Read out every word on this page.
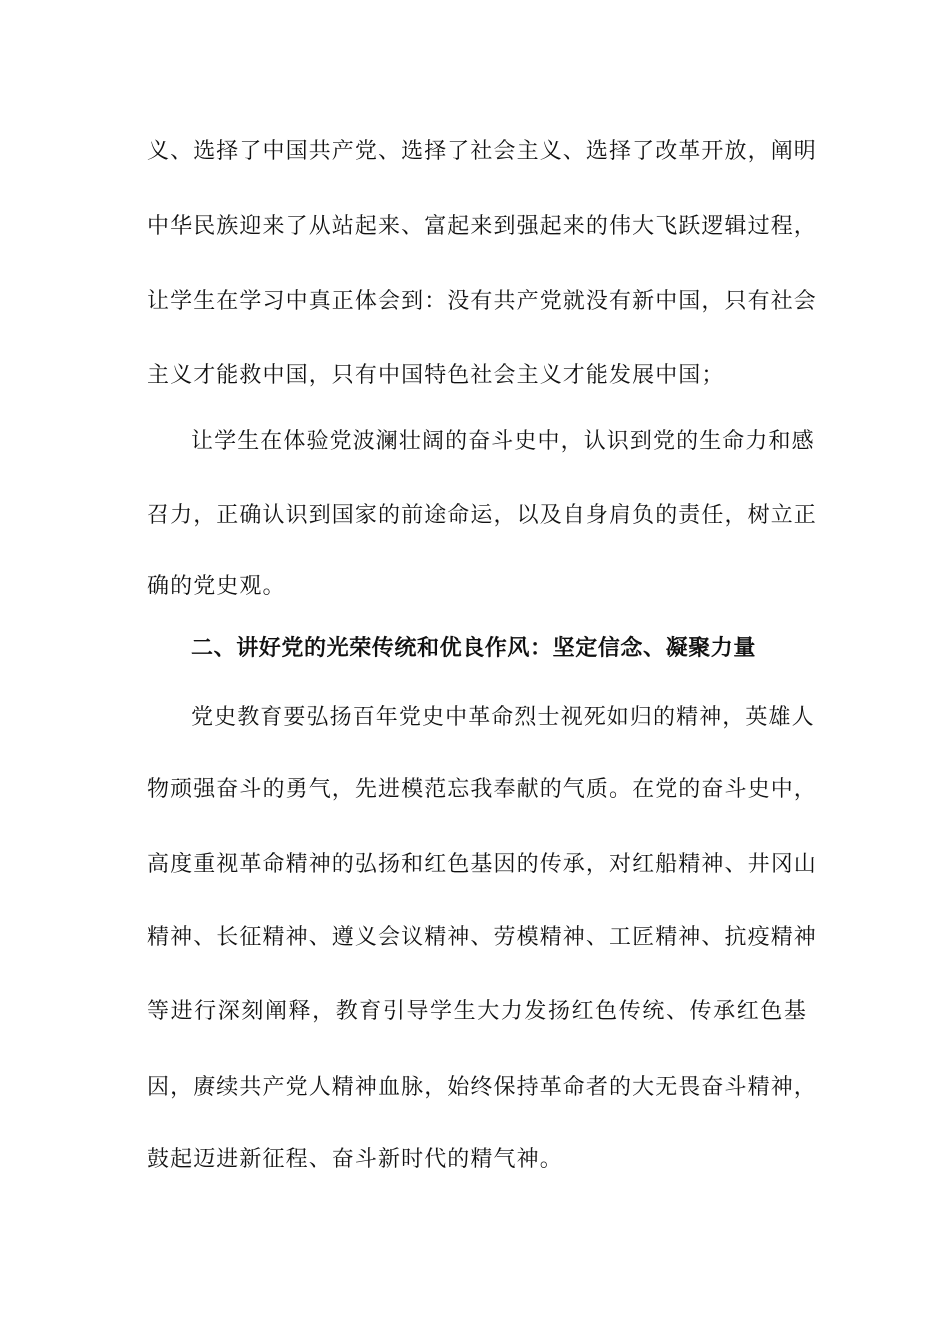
义、选择了中国共产党、选择了社会主义、选择了改革开放，阐明
中华民族迎来了从站起来、富起来到强起来的伟大飞跃逻辑过程，
让学生在学习中真正体会到：没有共产党就没有新中国，只有社会
主义才能救中国，只有中国特色社会主义才能发展中国；
让学生在体验党波澜壮阔的奋斗史中，认识到党的生命力和感
召力，正确认识到国家的前途命运，以及自身肩负的责任，树立正
确的党史观。
二、讲好党的光荣传统和优良作风：坚定信念、凝聚力量
党史教育要弘扬百年党史中革命烈士视死如归的精神，英雄人
物顽强奋斗的勇气，先进模范忘我奉献的气质。在党的奋斗史中，
高度重视革命精神的弘扬和红色基因的传承，对红船精神、井冈山
精神、长征精神、遵义会议精神、劳模精神、工匠精神、抗疫精神
等进行深刻阐释，教育引导学生大力发扬红色传统、传承红色基
因，赓续共产党人精神血脉，始终保持革命者的大无畏奋斗精神，
鼓起迈进新征程、奋斗新时代的精气神。
